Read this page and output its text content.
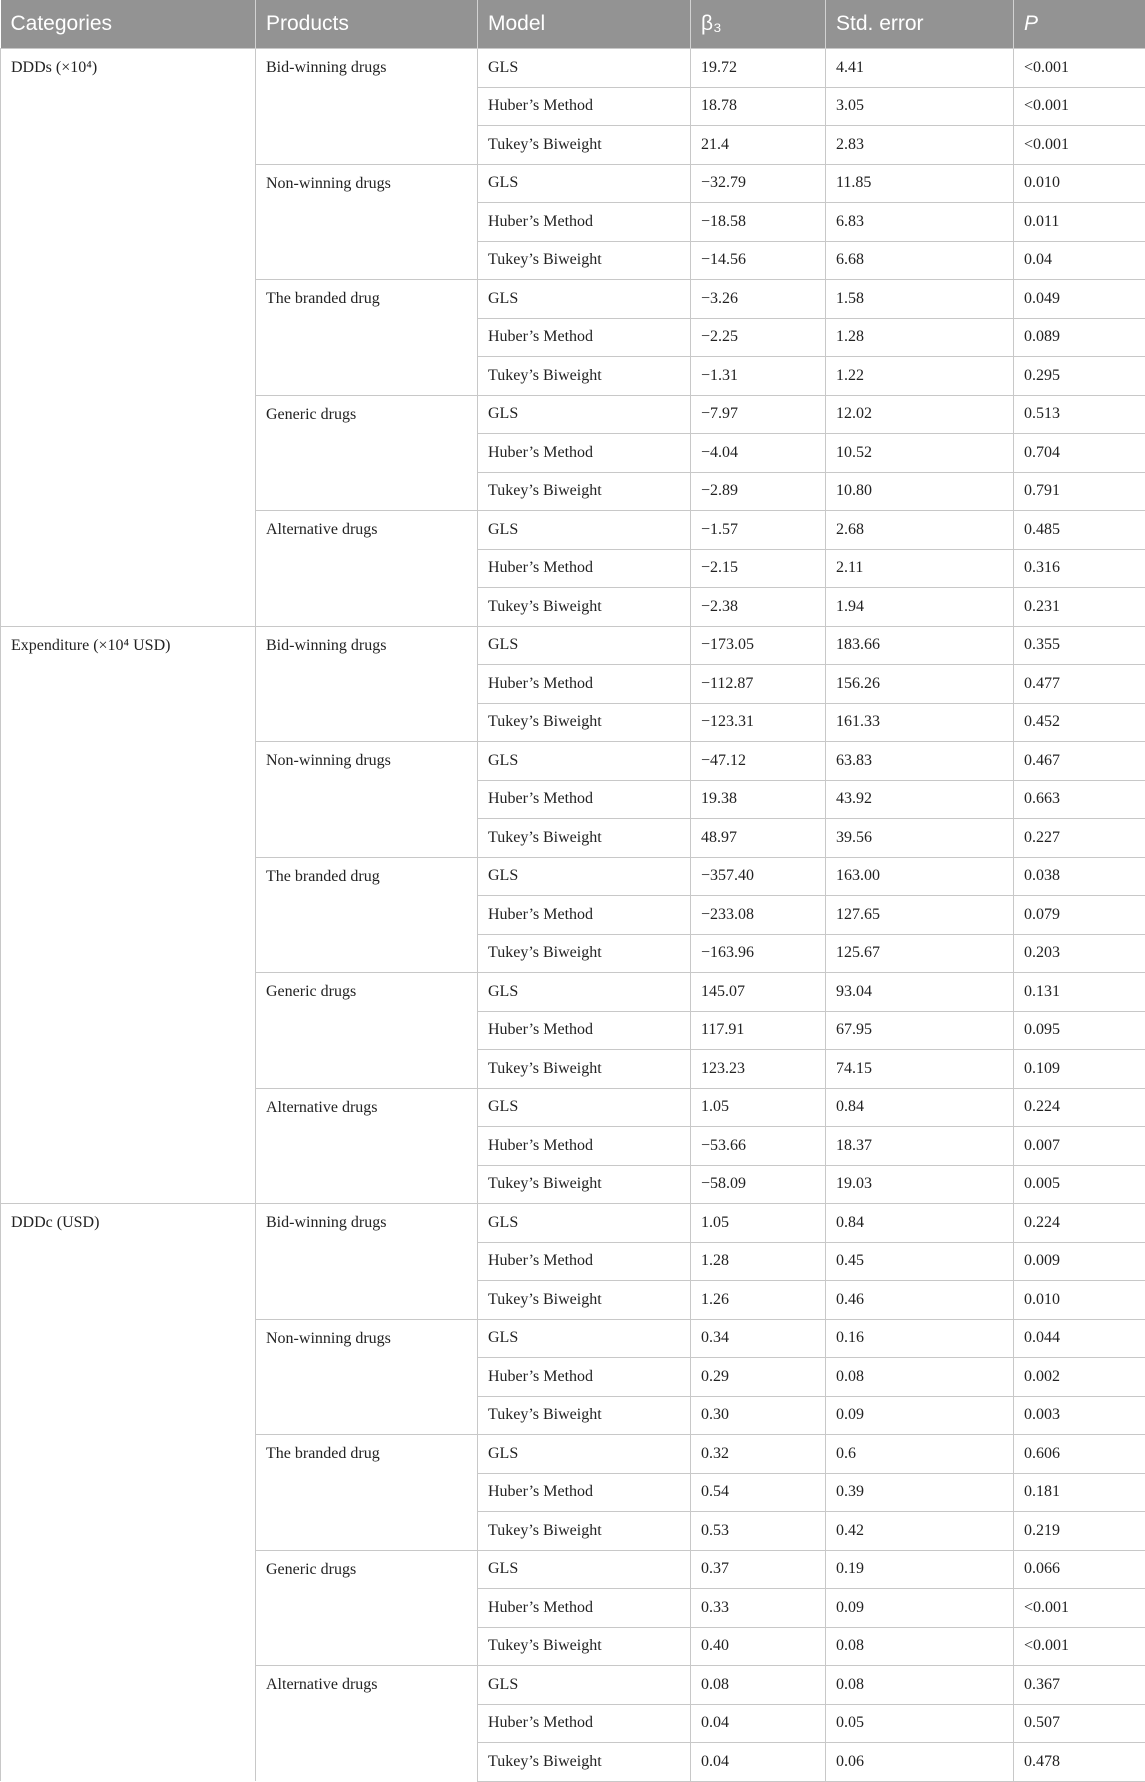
Categories	Products	Model	β₃	Std. error	P
DDDs (×10⁴)	Bid-winning drugs	GLS	19.72	4.41	<0.001
		Huber’s Method	18.78	3.05	<0.001
		Tukey’s Biweight	21.4	2.83	<0.001
	Non-winning drugs	GLS	−32.79	11.85	0.010
		Huber’s Method	−18.58	6.83	0.011
		Tukey’s Biweight	−14.56	6.68	0.04
	The branded drug	GLS	−3.26	1.58	0.049
		Huber’s Method	−2.25	1.28	0.089
		Tukey’s Biweight	−1.31	1.22	0.295
	Generic drugs	GLS	−7.97	12.02	0.513
		Huber’s Method	−4.04	10.52	0.704
		Tukey’s Biweight	−2.89	10.80	0.791
	Alternative drugs	GLS	−1.57	2.68	0.485
		Huber’s Method	−2.15	2.11	0.316
		Tukey’s Biweight	−2.38	1.94	0.231
Expenditure (×10⁴ USD)	Bid-winning drugs	GLS	−173.05	183.66	0.355
		Huber’s Method	−112.87	156.26	0.477
		Tukey’s Biweight	−123.31	161.33	0.452
	Non-winning drugs	GLS	−47.12	63.83	0.467
		Huber’s Method	19.38	43.92	0.663
		Tukey’s Biweight	48.97	39.56	0.227
	The branded drug	GLS	−357.40	163.00	0.038
		Huber’s Method	−233.08	127.65	0.079
		Tukey’s Biweight	−163.96	125.67	0.203
	Generic drugs	GLS	145.07	93.04	0.131
		Huber’s Method	117.91	67.95	0.095
		Tukey’s Biweight	123.23	74.15	0.109
	Alternative drugs	GLS	1.05	0.84	0.224
		Huber’s Method	−53.66	18.37	0.007
		Tukey’s Biweight	−58.09	19.03	0.005
DDDc (USD)	Bid-winning drugs	GLS	1.05	0.84	0.224
		Huber’s Method	1.28	0.45	0.009
		Tukey’s Biweight	1.26	0.46	0.010
	Non-winning drugs	GLS	0.34	0.16	0.044
		Huber’s Method	0.29	0.08	0.002
		Tukey’s Biweight	0.30	0.09	0.003
	The branded drug	GLS	0.32	0.6	0.606
		Huber’s Method	0.54	0.39	0.181
		Tukey’s Biweight	0.53	0.42	0.219
	Generic drugs	GLS	0.37	0.19	0.066
		Huber’s Method	0.33	0.09	<0.001
		Tukey’s Biweight	0.40	0.08	<0.001
	Alternative drugs	GLS	0.08	0.08	0.367
		Huber’s Method	0.04	0.05	0.507
		Tukey’s Biweight	0.04	0.06	0.478
